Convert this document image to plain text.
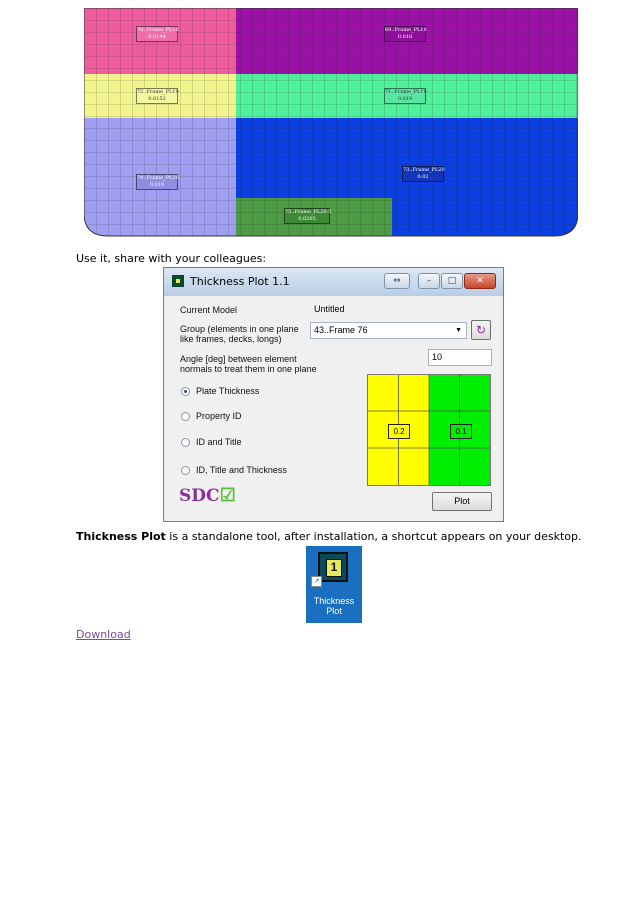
70..Frame_PL18
0.0144
69..Frame_PL18
0.018
72..Frame_PL19
0.0152
71..Frame_PL19
0.019
74..Frame_PL20
0.016
73..Frame_PL20
0.02
75..Frame_PL20.5
0.0205
Use it, share with your colleagues:
Thickness Plot 1.1	⇔	–	□	✕
Current Model	Untitled
Group (elements in one plane
like frames, decks, longs)
43..Frame 76	▼	↻
Angle [deg] between element
normals to treat them in one plane
10
Plate Thickness
Property ID
ID and Title
ID, Title and Thickness
SDC☑
0.2	0.1
Plot
Thickness Plot is a standalone tool, after installation, a shortcut appears on your desktop.
1
↗
Thickness
Plot
Download
